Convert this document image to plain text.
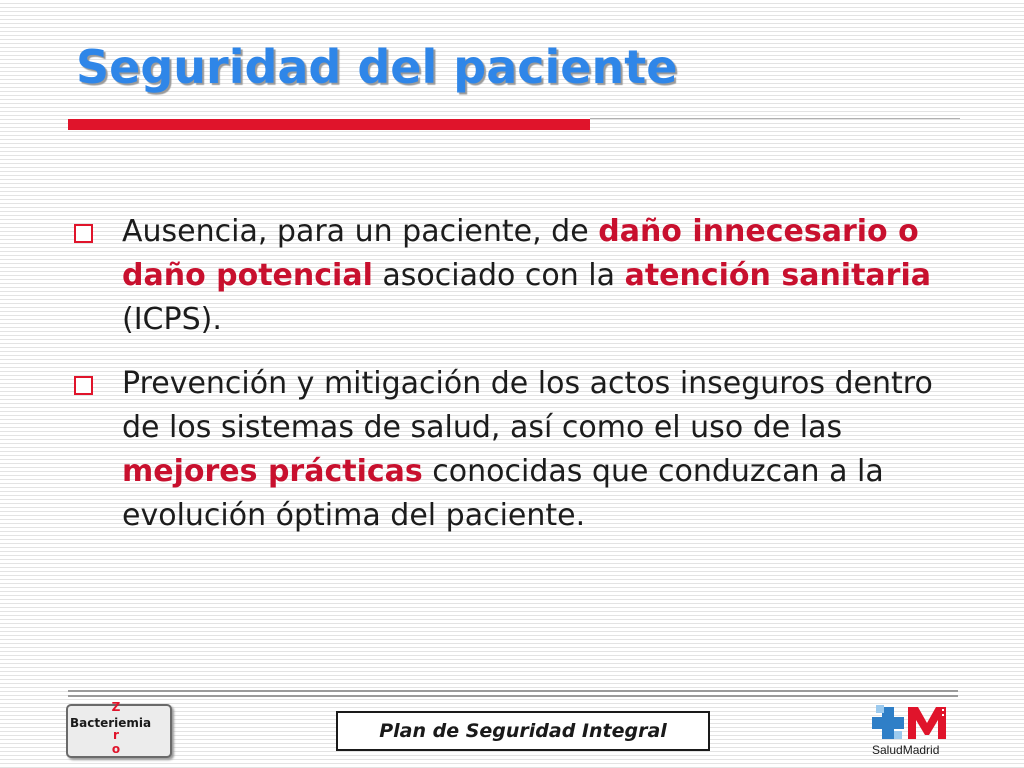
Seguridad del paciente
Ausencia, para un paciente, de daño innecesario o daño potencial asociado con la atención sanitaria (ICPS).
Prevención y mitigación de los actos inseguros dentro de los sistemas de salud, así como el uso de las mejores prácticas conocidas que conduzcan a la evolución óptima del paciente.
Bacteriemia
Z
r
o
Plan de Seguridad Integral
SaludMadrid
